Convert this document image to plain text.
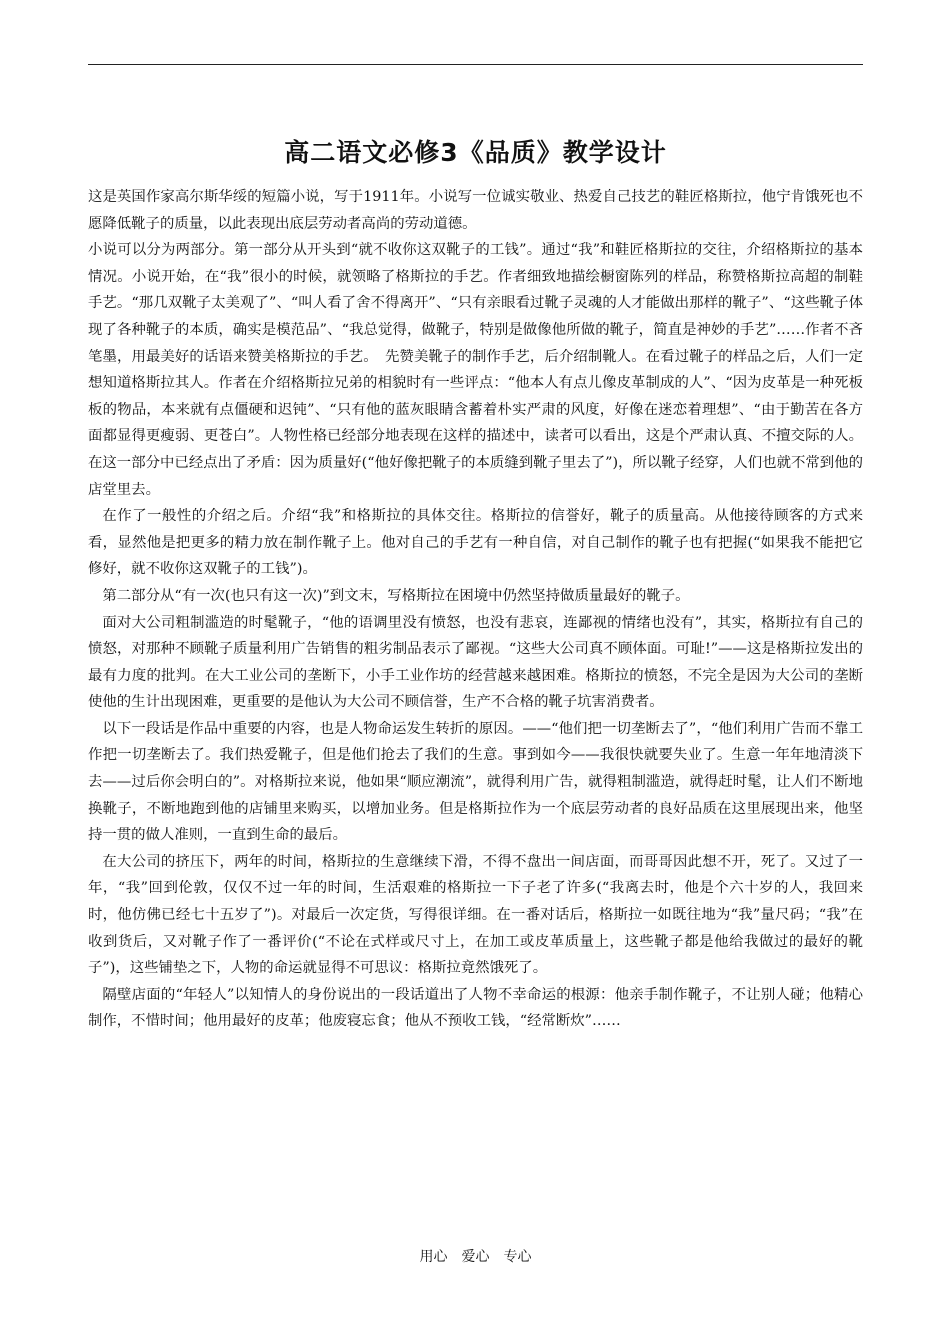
高二语文必修3《品质》教学设计

这是英国作家高尔斯华绥的短篇小说，写于1911年。小说写一位诚实敬业、热爱自己技艺的鞋匠格斯拉，他宁肯饿死也不愿降低靴子的质量，以此表现出底层劳动者高尚的劳动道德。

小说可以分为两部分。第一部分从开头到“就不收你这双靴子的工钱”。通过“我”和鞋匠格斯拉的交往，介绍格斯拉的基本情况。小说开始，在“我”很小的时候，就领略了格斯拉的手艺。作者细致地描绘橱窗陈列的样品，称赞格斯拉高超的制鞋手艺。“那几双靴子太美观了”、“叫人看了舍不得离开”、“只有亲眼看过靴子灵魂的人才能做出那样的靴子”、“这些靴子体现了各种靴子的本质，确实是模范品”、“我总觉得，做靴子，特别是做像他所做的靴子，简直是神妙的手艺”……作者不吝笔墨，用最美好的话语来赞美格斯拉的手艺。　先赞美靴子的制作手艺，后介绍制靴人。在看过靴子的样品之后，人们一定想知道格斯拉其人。作者在介绍格斯拉兄弟的相貌时有一些评点：“他本人有点儿像皮革制成的人”、“因为皮革是一种死板板的物品，本来就有点僵硬和迟钝”、“只有他的蓝灰眼睛含蓄着朴实严肃的风度，好像在迷恋着理想”、“由于勤苦在各方面都显得更瘦弱、更苍白”。人物性格已经部分地表现在这样的描述中，读者可以看出，这是个严肃认真、不擅交际的人。在这一部分中已经点出了矛盾：因为质量好(“他好像把靴子的本质缝到靴子里去了”)，所以靴子经穿，人们也就不常到他的店堂里去。

在作了一般性的介绍之后。介绍“我”和格斯拉的具体交往。格斯拉的信誉好，靴子的质量高。从他接待顾客的方式来看，显然他是把更多的精力放在制作靴子上。他对自己的手艺有一种自信，对自己制作的靴子也有把握(“如果我不能把它修好，就不收你这双靴子的工钱”)。

第二部分从“有一次(也只有这一次)”到文末，写格斯拉在困境中仍然坚持做质量最好的靴子。

面对大公司粗制滥造的时髦靴子，“他的语调里没有愤怒，也没有悲哀，连鄙视的情绪也没有”，其实，格斯拉有自己的愤怒，对那种不顾靴子质量利用广告销售的粗劣制品表示了鄙视。“这些大公司真不顾体面。可耻!”——这是格斯拉发出的最有力度的批判。在大工业公司的垄断下，小手工业作坊的经营越来越困难。格斯拉的愤怒，不完全是因为大公司的垄断使他的生计出现困难，更重要的是他认为大公司不顾信誉，生产不合格的靴子坑害消费者。

以下一段话是作品中重要的内容，也是人物命运发生转折的原因。——“他们把一切垄断去了”，“他们利用广告而不靠工作把一切垄断去了。我们热爱靴子，但是他们抢去了我们的生意。事到如今——我很快就要失业了。生意一年年地清淡下去——过后你会明白的”。对格斯拉来说，他如果“顺应潮流”，就得利用广告，就得粗制滥造，就得赶时髦，让人们不断地换靴子，不断地跑到他的店铺里来购买，以增加业务。但是格斯拉作为一个底层劳动者的良好品质在这里展现出来，他坚持一贯的做人准则，一直到生命的最后。

在大公司的挤压下，两年的时间，格斯拉的生意继续下滑，不得不盘出一间店面，而哥哥因此想不开，死了。又过了一年，“我”回到伦敦，仅仅不过一年的时间，生活艰难的格斯拉一下子老了许多(“我离去时，他是个六十岁的人，我回来时，他仿佛已经七十五岁了”)。对最后一次定货，写得很详细。在一番对话后，格斯拉一如既往地为“我”量尺码；“我”在收到货后，又对靴子作了一番评价(“不论在式样或尺寸上，在加工或皮革质量上，这些靴子都是他给我做过的最好的靴子”)，这些铺垫之下，人物的命运就显得不可思议：格斯拉竟然饿死了。

隔壁店面的“年轻人”以知情人的身份说出的一段话道出了人物不幸命运的根源：他亲手制作靴子，不让别人碰；他精心制作，不惜时间；他用最好的皮革；他废寝忘食；他从不预收工钱，“经常断炊”……

用心　爱心　专心
